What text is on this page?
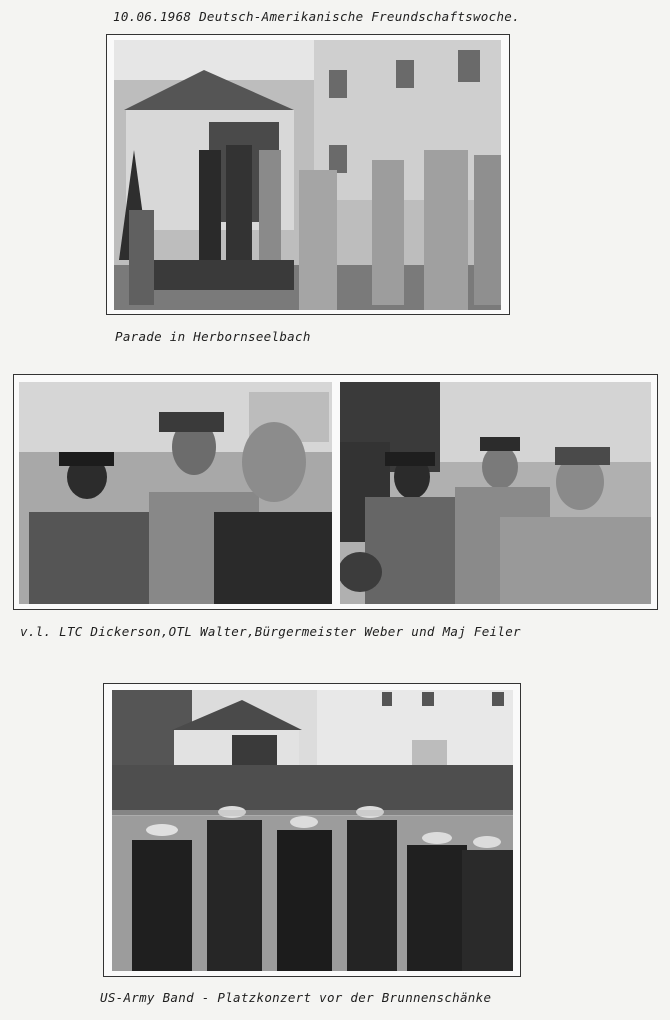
10.06.1968 Deutsch-Amerikanische Freundschaftswoche.
Parade in Herbornseelbach
v.l. LTC Dickerson,OTL Walter,Bürgermeister Weber und Maj Feiler
US-Army Band - Platzkonzert vor der Brunnenschänke
